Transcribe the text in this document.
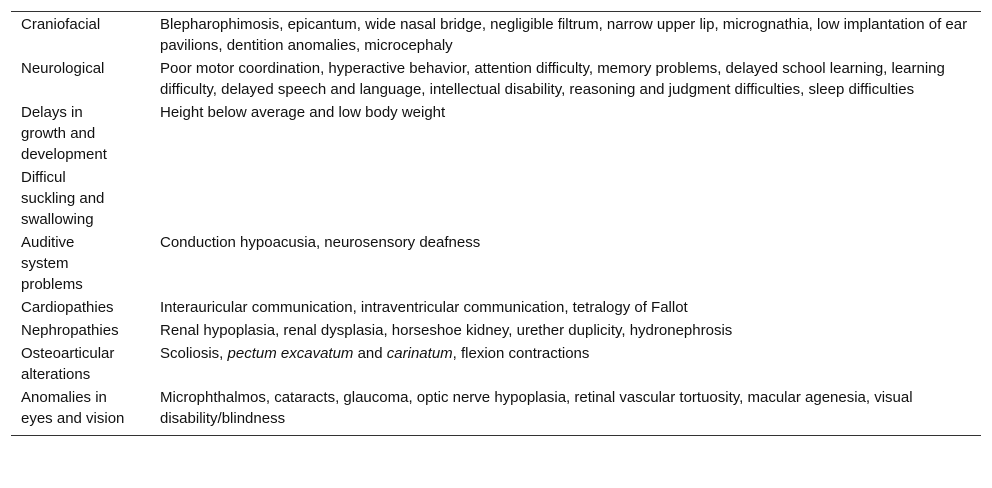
Craniofacial	Blepharophimosis, epicantum, wide nasal bridge, negligible filtrum, narrow upper lip, micrognathia, low implantation of ear pavilions, dentition anomalies, microcephaly
Neurological	Poor motor coordination, hyperactive behavior, attention difficulty, memory problems, delayed school learning, learning difficulty, delayed speech and language, intellectual disability, reasoning and judgment difficulties, sleep difficulties
Delays in growth and development	Height below average and low body weight
Difficul suckling and swallowing	
Auditive system problems	Conduction hypoacusia, neurosensory deafness
Cardiopathies	Interauricular communication, intraventricular communication, tetralogy of Fallot
Nephropathies	Renal hypoplasia, renal dysplasia, horseshoe kidney, urether duplicity, hydronephrosis
Osteoarticular alterations	Scoliosis, pectum excavatum and carinatum, flexion contractions
Anomalies in eyes and vision	Microphthalmos, cataracts, glaucoma, optic nerve hypoplasia, retinal vascular tortuosity, macular agenesia, visual disability/blindness
